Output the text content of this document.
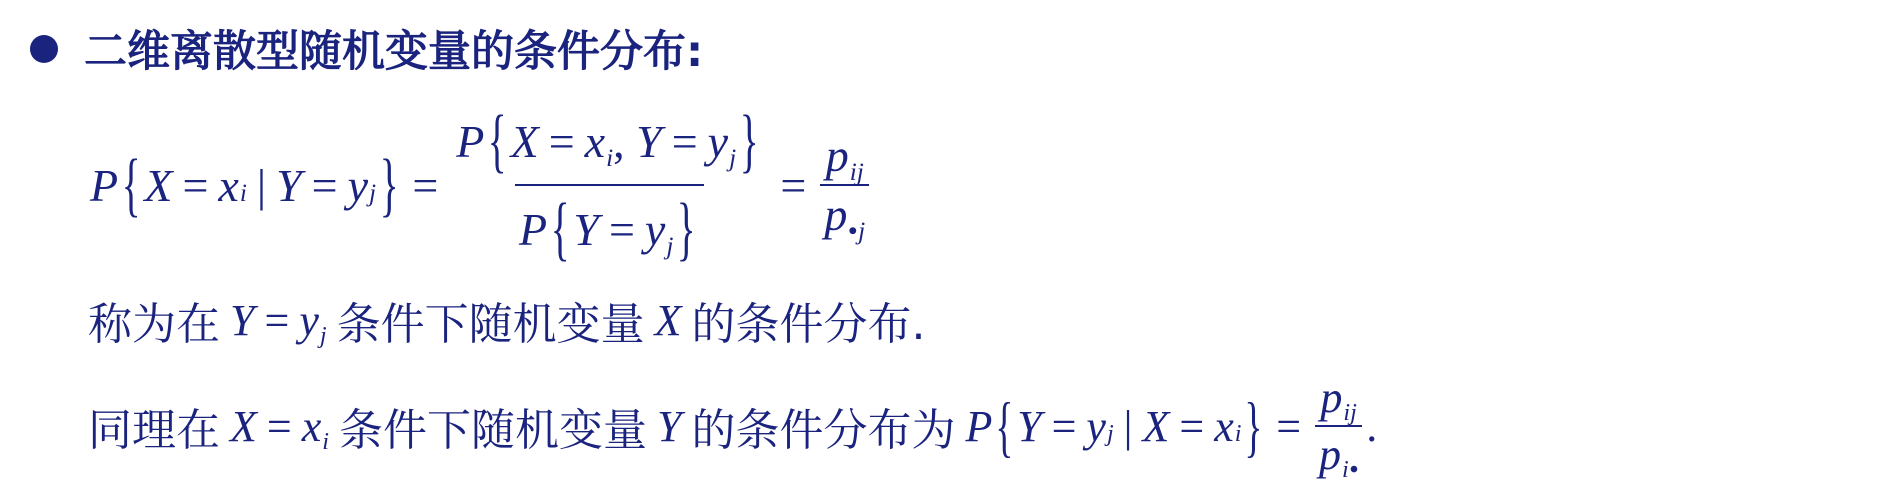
二维离散型随机变量的条件分布:
P { X = x i | Y = y j } = $\frac{P\{X = xi, Y = yj\}}{P\{Y = yj\}} = \frac{\text{pij}}{p•j}$
称为在 Y = yj 条件下随机变量 X 的条件分布.
同理在 X = xi 条件下随机变量 Y 的条件分布为 P { Y = y j | X = x i } = $\frac{\text{pij}}{pi•}$ .
